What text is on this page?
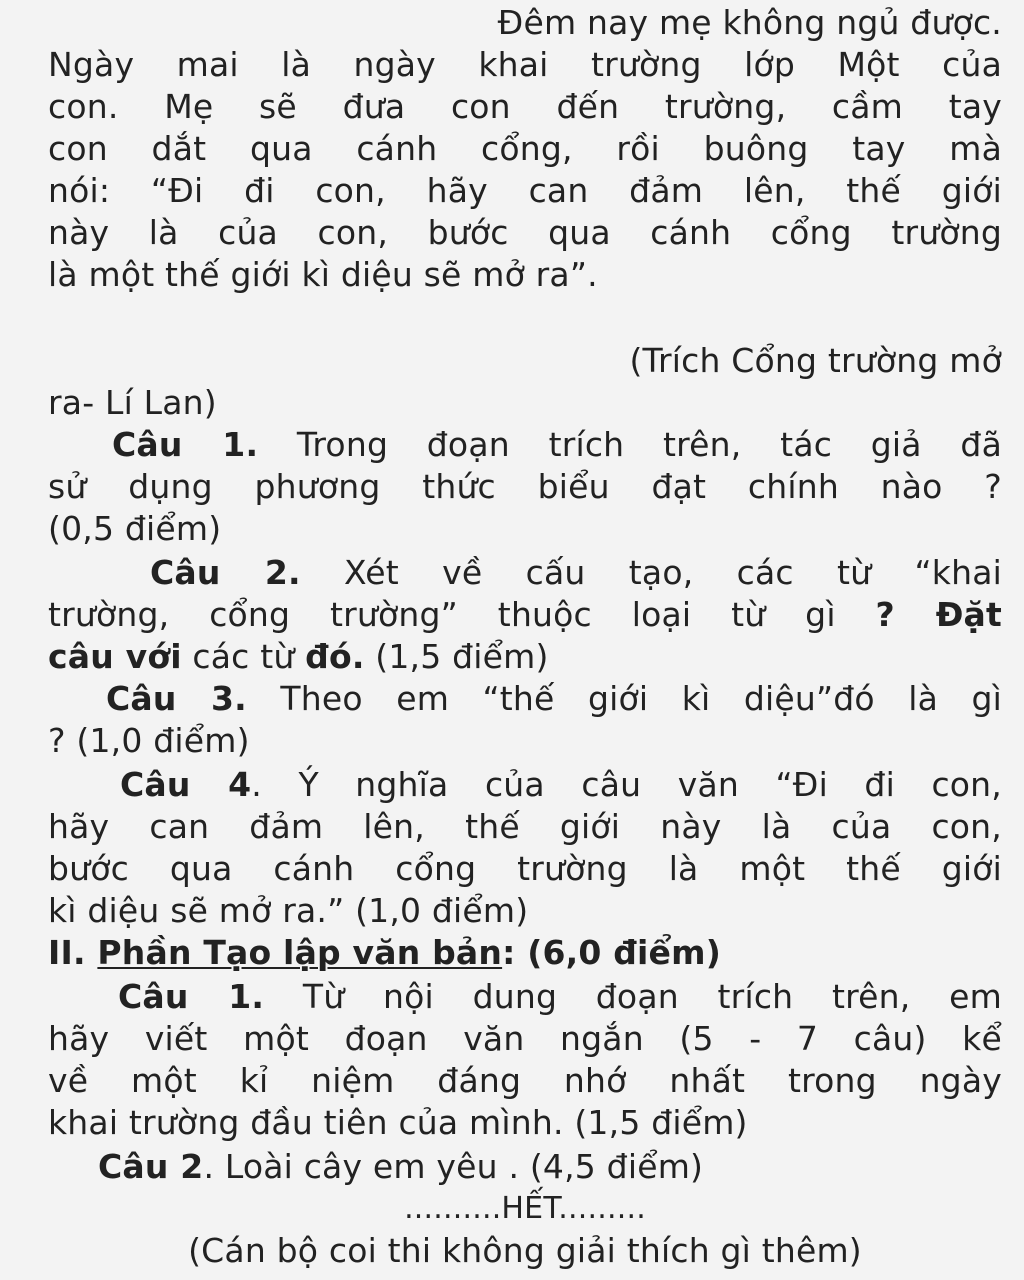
Đêm nay mẹ không ngủ được.
Ngày mai là ngày khai trường lớp Một của
con. Mẹ sẽ đưa con đến trường, cầm tay
con dắt qua cánh cổng, rồi buông tay mà
nói: “Đi đi con, hãy can đảm lên, thế giới
này là của con, bước qua cánh cổng trường
là một thế giới kì diệu sẽ mở ra”.
(Trích Cổng trường mở
ra- Lí Lan)
Câu 1. Trong đoạn trích trên, tác giả đã
sử dụng phương thức biểu đạt chính nào ?
(0,5 điểm)
Câu 2. Xét về cấu tạo, các từ “khai
trường, cổng trường” thuộc loại từ gì ? Đặt
câu với các từ đó. (1,5 điểm)
Câu 3. Theo em “thế giới kì diệu”đó là gì
? (1,0 điểm)
Câu 4. Ý nghĩa của câu văn “Đi đi con,
hãy can đảm lên, thế giới này là của con,
bước qua cánh cổng trường là một thế giới
kì diệu sẽ mở ra.” (1,0 điểm)
II. Phần Tạo lập văn bản: (6,0 điểm)
Câu 1. Từ nội dung đoạn trích trên, em
hãy viết một đoạn văn ngắn (5 - 7 câu) kể
về một kỉ niệm đáng nhớ nhất trong ngày
khai trường đầu tiên của mình. (1,5 điểm)
Câu 2. Loài cây em yêu . (4,5 điểm)
..........HẾT.........
(Cán bộ coi thi không giải thích gì thêm)
